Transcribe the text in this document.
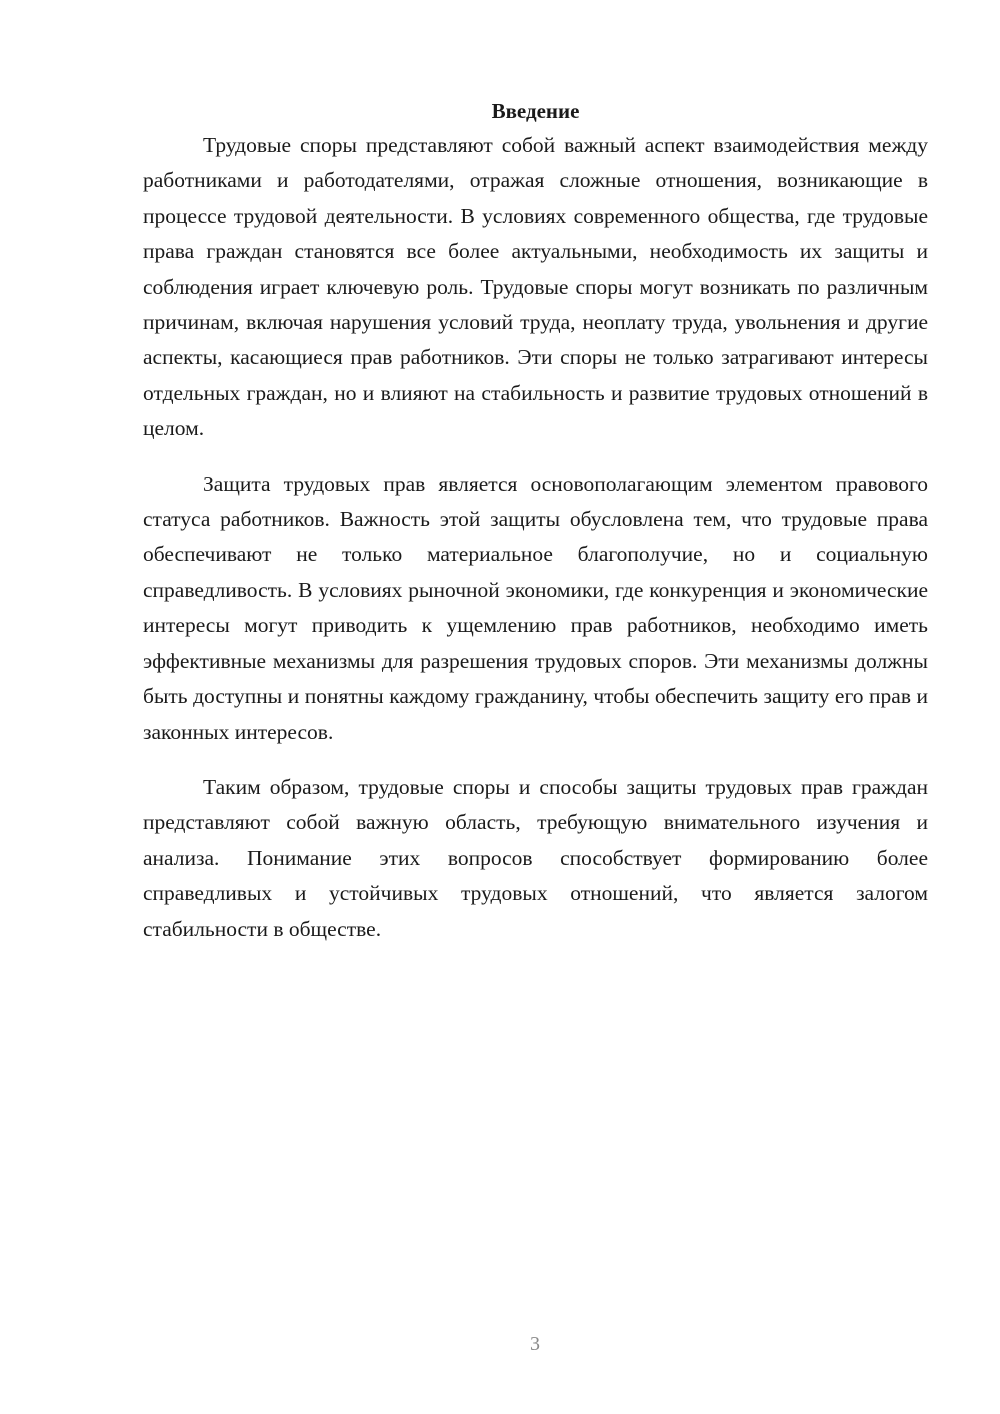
Введение

Трудовые споры представляют собой важный аспект взаимодействия между работниками и работодателями, отражая сложные отношения, возникающие в процессе трудовой деятельности. В условиях современного общества, где трудовые права граждан становятся все более актуальными, необходимость их защиты и соблюдения играет ключевую роль. Трудовые споры могут возникать по различным причинам, включая нарушения условий труда, неоплату труда, увольнения и другие аспекты, касающиеся прав работников. Эти споры не только затрагивают интересы отдельных граждан, но и влияют на стабильность и развитие трудовых отношений в целом.

Защита трудовых прав является основополагающим элементом правового статуса работников. Важность этой защиты обусловлена тем, что трудовые права обеспечивают не только материальное благополучие, но и социальную справедливость. В условиях рыночной экономики, где конкуренция и экономические интересы могут приводить к ущемлению прав работников, необходимо иметь эффективные механизмы для разрешения трудовых споров. Эти механизмы должны быть доступны и понятны каждому гражданину, чтобы обеспечить защиту его прав и законных интересов.

Таким образом, трудовые споры и способы защиты трудовых прав граждан представляют собой важную область, требующую внимательного изучения и анализа. Понимание этих вопросов способствует формированию более справедливых и устойчивых трудовых отношений, что является залогом стабильности в обществе.

3
